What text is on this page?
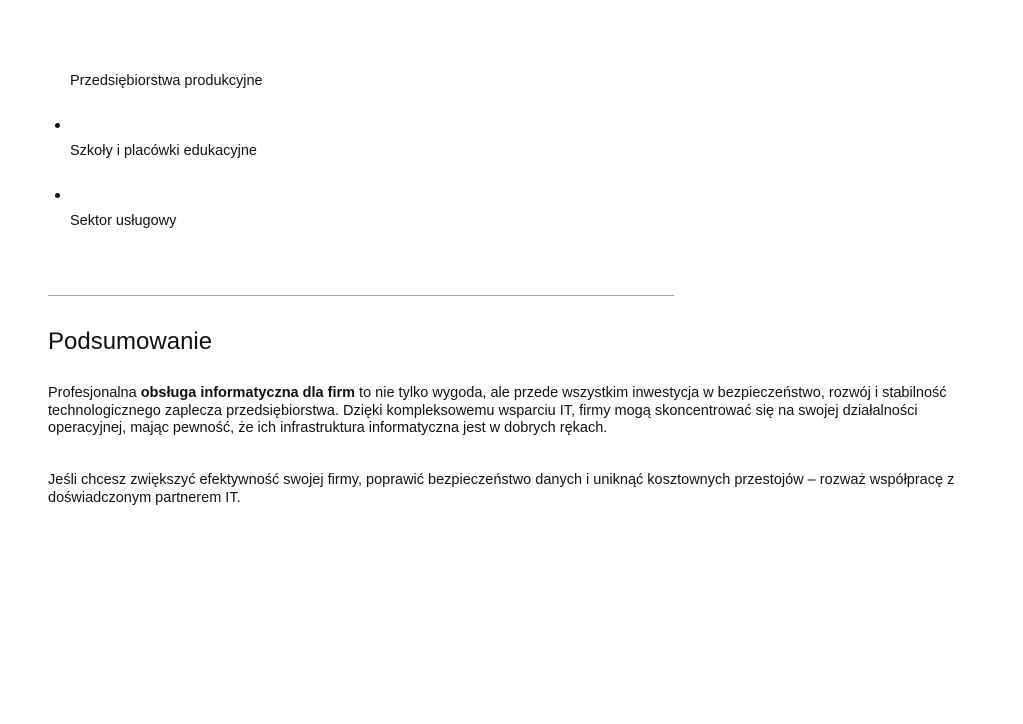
Przedsiębiorstwa produkcyjne
Szkoły i placówki edukacyjne
Sektor usługowy
Podsumowanie

Profesjonalna obsługa informatyczna dla firm to nie tylko wygoda, ale przede wszystkim inwestycja w bezpieczeństwo, rozwój i stabilność technologicznego zaplecza przedsiębiorstwa. Dzięki kompleksowemu wsparciu IT, firmy mogą skoncentrować się na swojej działalności operacyjnej, mając pewność, że ich infrastruktura informatyczna jest w dobrych rękach.

Jeśli chcesz zwiększyć efektywność swojej firmy, poprawić bezpieczeństwo danych i uniknąć kosztownych przestojów – rozważ współpracę z doświadczonym partnerem IT.
